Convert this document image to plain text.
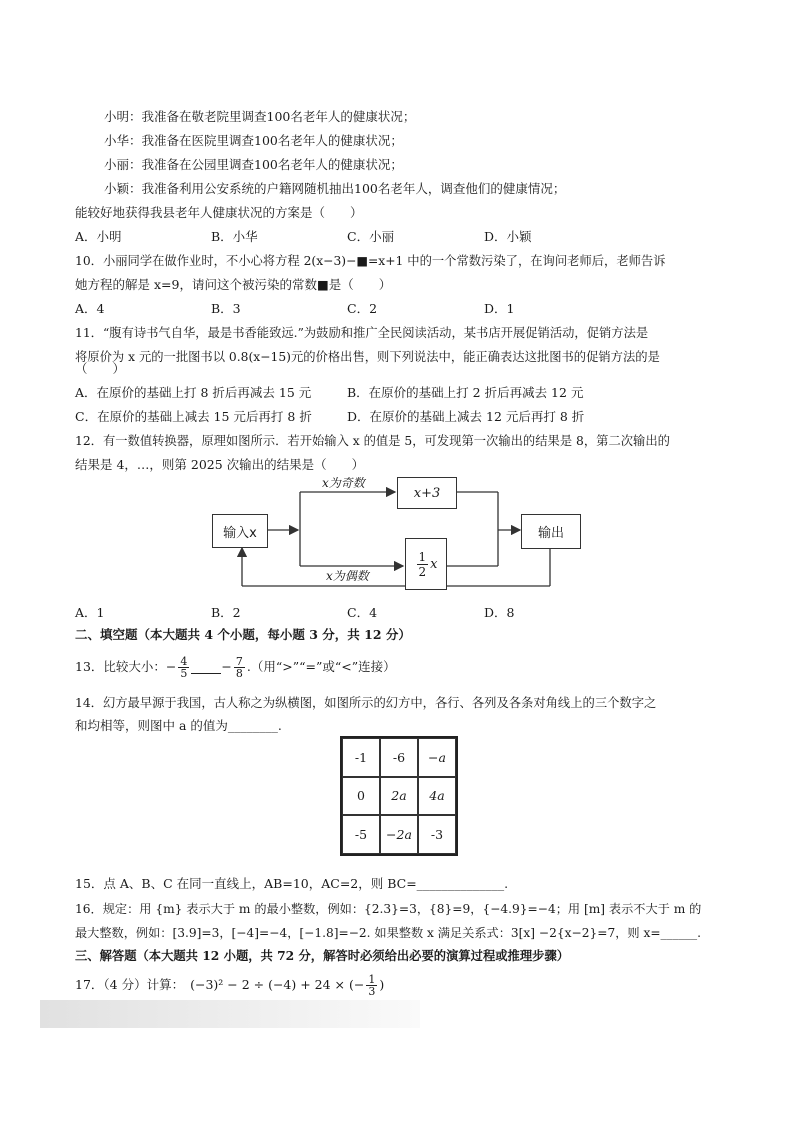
小明：我准备在敬老院里调查100名老年人的健康状况；
小华：我准备在医院里调查100名老年人的健康状况；
小丽：我准备在公园里调查100名老年人的健康状况；
小颖：我准备利用公安系统的户籍网随机抽出100名老年人，调查他们的健康情况；
能较好地获得我县老年人健康状况的方案是（　　）
A．小明	B．小华	C．小丽	D．小颖
10．小丽同学在做作业时，不小心将方程 2(x−3)−■=x+1 中的一个常数污染了，在询问老师后，老师告诉
她方程的解是 x=9，请问这个被污染的常数■是（　　）
A．4	B．3	C．2	D．1
11．“腹有诗书气自华，最是书香能致远.”为鼓励和推广全民阅读活动，某书店开展促销活动，促销方法是
将原价为 x 元的一批图书以 0.8(x−15)元的价格出售，则下列说法中，能正确表达这批图书的促销方法的是
（　　）
A．在原价的基础上打 8 折后再减去 15 元	B．在原价的基础上打 2 折后再减去 12 元
C．在原价的基础上减去 15 元后再打 8 折	D．在原价的基础上减去 12 元后再打 8 折
12．有一数值转换器，原理如图所示．若开始输入 x 的值是 5，可发现第一次输出的结果是 8，第二次输出的
结果是 4，…，则第 2025 次输出的结果是（　　）
输入x
x+3
$\frac{1}{2}$ x
输出
x为奇数
x为偶数
A．1	B．2	C．4	D．8
二、填空题（本大题共 4 个小题，每小题 3 分，共 12 分）
13．比较大小：− $\frac{4}{5}$	− $\frac{7}{8}$ .（用“>”“=”或“<”连接）
14．幻方最早源于我国，古人称之为纵横图，如图所示的幻方中，各行、各列及各条对角线上的三个数字之
和均相等，则图中 a 的值为________.
-1	-6	−a
0	2a	4a
-5	−2a	-3
15．点 A、B、C 在同一直线上，AB=10，AC=2，则 BC=______________.
16．规定：用 {m} 表示大于 m 的最小整数，例如：{2.3}=3，{8}=9，{−4.9}=−4；用 [m] 表示不大于 m 的
最大整数，例如：[3.9]=3，[−4]=−4，[−1.8]=−2. 如果整数 x 满足关系式：3[x] −2{x−2}=7，则 x=______.
三、解答题（本大题共 12 小题，共 72 分，解答时必须给出必要的演算过程或推理步骤）
17．（4 分）计算： (−3)² − 2 ÷ (−4) + 24 × (− $\frac{1}{3}$ )
